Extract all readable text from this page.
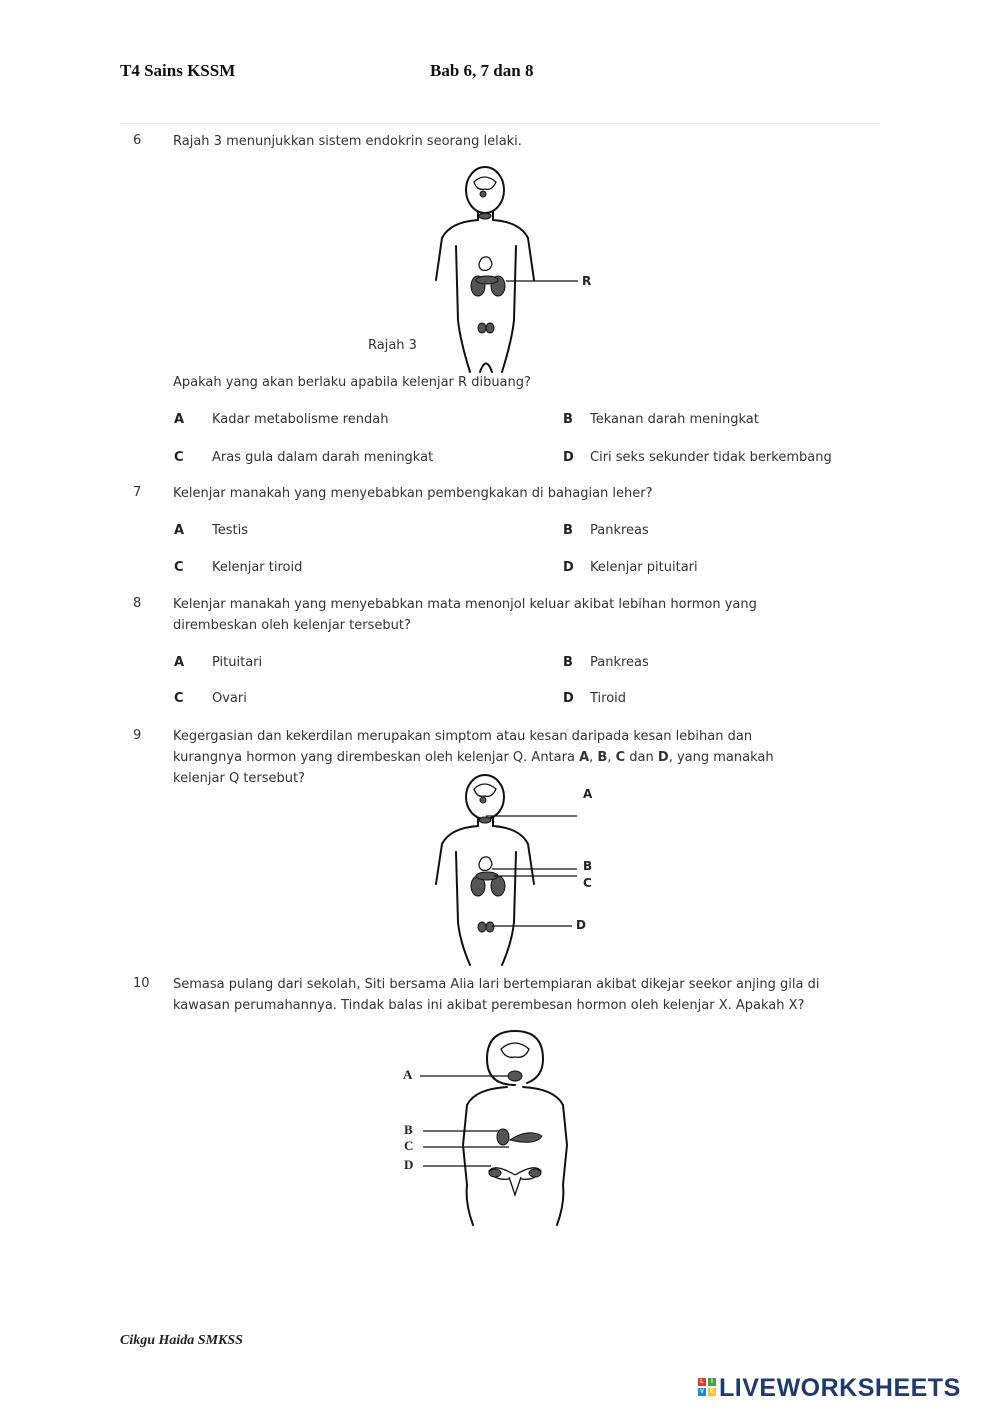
T4 Sains KSSM	Bab 6, 7 dan 8
6 Rajah 3 menunjukkan sistem endokrin seorang lelaki.
R
Rajah 3
Apakah yang akan berlaku apabila kelenjar R dibuang?
A Kadar metabolisme rendah	B Tekanan darah meningkat
C Aras gula dalam darah meningkat	D Ciri seks sekunder tidak berkembang
7 Kelenjar manakah yang menyebabkan pembengkakan di bahagian leher?
A Testis	B Pankreas
C Kelenjar tiroid	D Kelenjar pituitari
8 Kelenjar manakah yang menyebabkan mata menonjol keluar akibat lebihan hormon yang
dirembeskan oleh kelenjar tersebut?
A Pituitari	B Pankreas
C Ovari	D Tiroid
9 Kegergasian dan kekerdilan merupakan simptom atau kesan daripada kesan lebihan dan
kurangnya hormon yang dirembeskan oleh kelenjar Q. Antara A, B, C dan D, yang manakah
kelenjar Q tersebut?
A
B
C
D
10 Semasa pulang dari sekolah, Siti bersama Alia lari bertempiaran akibat dikejar seekor anjing gila di
kawasan perumahannya. Tindak balas ini akibat perembesan hormon oleh kelenjar X. Apakah X?
A
B
C
D
Cikgu Haida SMKSS
L	I
V E LIVEWORKSHEETS
